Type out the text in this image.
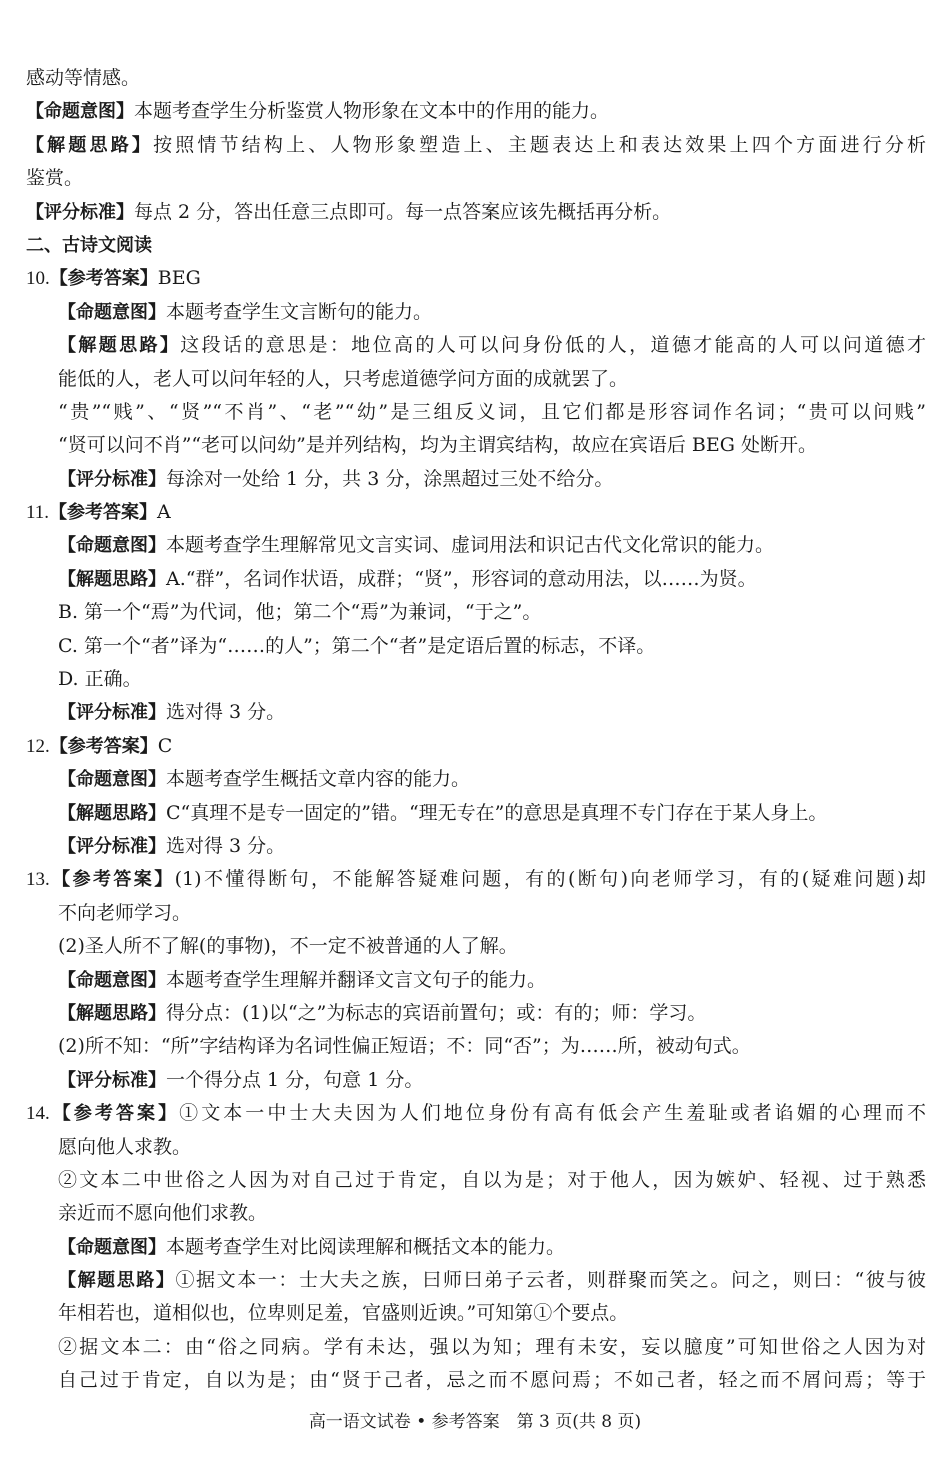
感动等情感。
【命题意图】本题考查学生分析鉴赏人物形象在文本中的作用的能力。
【解题思路】按照情节结构上、人物形象塑造上、主题表达上和表达效果上四个方面进行分析
鉴赏。
【评分标准】每点 2 分，答出任意三点即可。每一点答案应该先概括再分析。
二、古诗文阅读
10.【参考答案】BEG
【命题意图】本题考查学生文言断句的能力。
【解题思路】这段话的意思是：地位高的人可以问身份低的人，道德才能高的人可以问道德才
能低的人，老人可以问年轻的人，只考虑道德学问方面的成就罢了。
“贵”“贱”、“贤”“不肖”、“老”“幼”是三组反义词，且它们都是形容词作名词；“贵可以问贱”
“贤可以问不肖”“老可以问幼”是并列结构，均为主谓宾结构，故应在宾语后 BEG 处断开。
【评分标准】每涂对一处给 1 分，共 3 分，涂黑超过三处不给分。
11.【参考答案】A
【命题意图】本题考查学生理解常见文言实词、虚词用法和识记古代文化常识的能力。
【解题思路】A.“群”，名词作状语，成群；“贤”，形容词的意动用法，以……为贤。
B. 第一个“焉”为代词，他；第二个“焉”为兼词，“于之”。
C. 第一个“者”译为“……的人”；第二个“者”是定语后置的标志，不译。
D. 正确。
【评分标准】选对得 3 分。
12.【参考答案】C
【命题意图】本题考查学生概括文章内容的能力。
【解题思路】C“真理不是专一固定的”错。“理无专在”的意思是真理不专门存在于某人身上。
【评分标准】选对得 3 分。
13.【参考答案】(1)不懂得断句，不能解答疑难问题，有的(断句)向老师学习，有的(疑难问题)却
不向老师学习。
(2)圣人所不了解(的事物)，不一定不被普通的人了解。
【命题意图】本题考查学生理解并翻译文言文句子的能力。
【解题思路】得分点：(1)以“之”为标志的宾语前置句；或：有的；师：学习。
(2)所不知：“所”字结构译为名词性偏正短语；不：同“否”；为……所，被动句式。
【评分标准】一个得分点 1 分，句意 1 分。
14.【参考答案】①文本一中士大夫因为人们地位身份有高有低会产生羞耻或者谄媚的心理而不
愿向他人求教。
②文本二中世俗之人因为对自己过于肯定，自以为是；对于他人，因为嫉妒、轻视、过于熟悉
亲近而不愿向他们求教。
【命题意图】本题考查学生对比阅读理解和概括文本的能力。
【解题思路】①据文本一：士大夫之族，曰师曰弟子云者，则群聚而笑之。问之，则曰：“彼与彼
年相若也，道相似也，位卑则足羞，官盛则近谀。”可知第①个要点。
②据文本二：由“俗之同病。学有未达，强以为知；理有未安，妄以臆度”可知世俗之人因为对
自己过于肯定，自以为是；由“贤于己者，忌之而不愿问焉；不如己者，轻之而不屑问焉；等于
高一语文试卷 • 参考答案　第 3 页(共 8 页)
